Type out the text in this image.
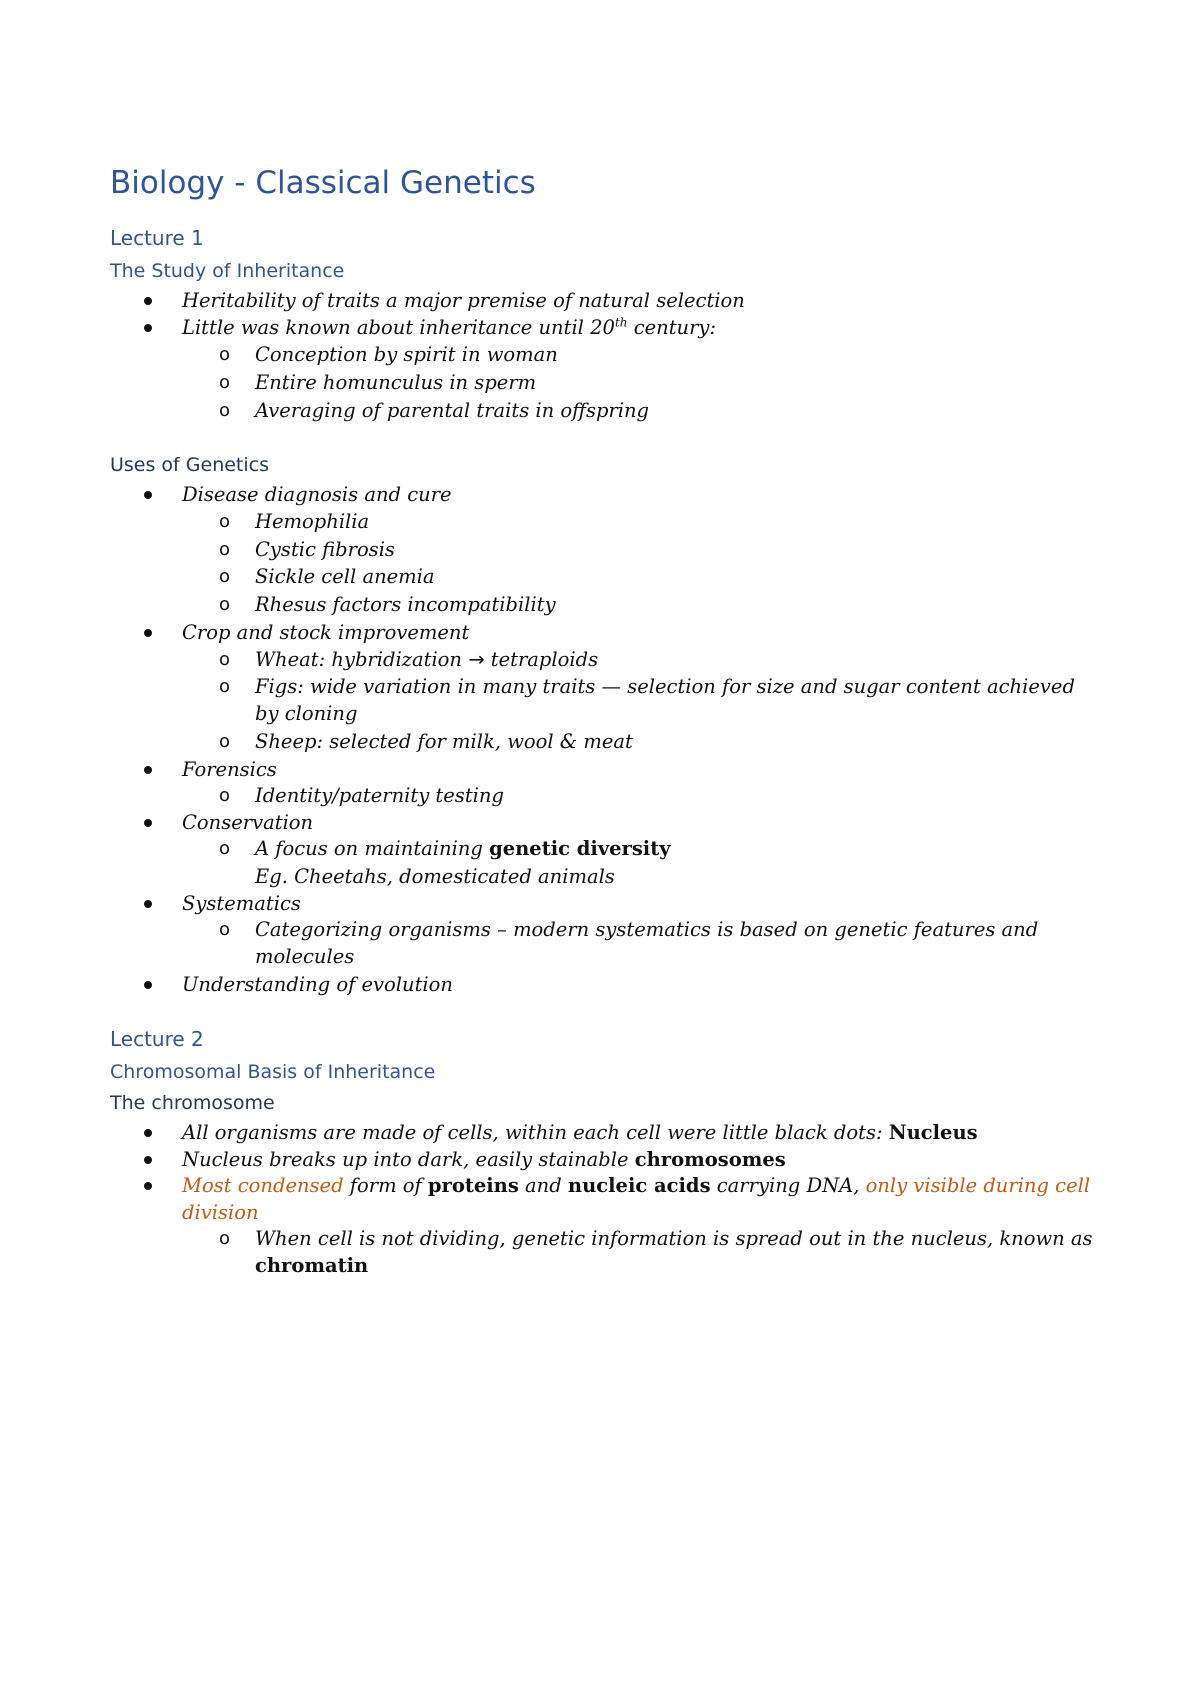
Biology - Classical Genetics
Lecture 1
The Study of Inheritance
Heritability of traits a major premise of natural selection
Little was known about inheritance until 20th century:
o Conception by spirit in woman
o Entire homunculus in sperm
o Averaging of parental traits in offspring
Uses of Genetics
Disease diagnosis and cure
o Hemophilia
o Cystic fibrosis
o Sickle cell anemia
o Rhesus factors incompatibility
Crop and stock improvement
o Wheat: hybridization → tetraploids
o Figs: wide variation in many traits — selection for size and sugar content achieved
by cloning
o Sheep: selected for milk, wool & meat
Forensics
o Identity/paternity testing
Conservation
o A focus on maintaining genetic diversity
Eg. Cheetahs, domesticated animals
Systematics
o Categorizing organisms – modern systematics is based on genetic features and
molecules
Understanding of evolution
Lecture 2
Chromosomal Basis of Inheritance
The chromosome
All organisms are made of cells, within each cell were little black dots: Nucleus
Nucleus breaks up into dark, easily stainable chromosomes
Most condensed form of proteins and nucleic acids carrying DNA, only visible during cell
division
o When cell is not dividing, genetic information is spread out in the nucleus, known as
chromatin
